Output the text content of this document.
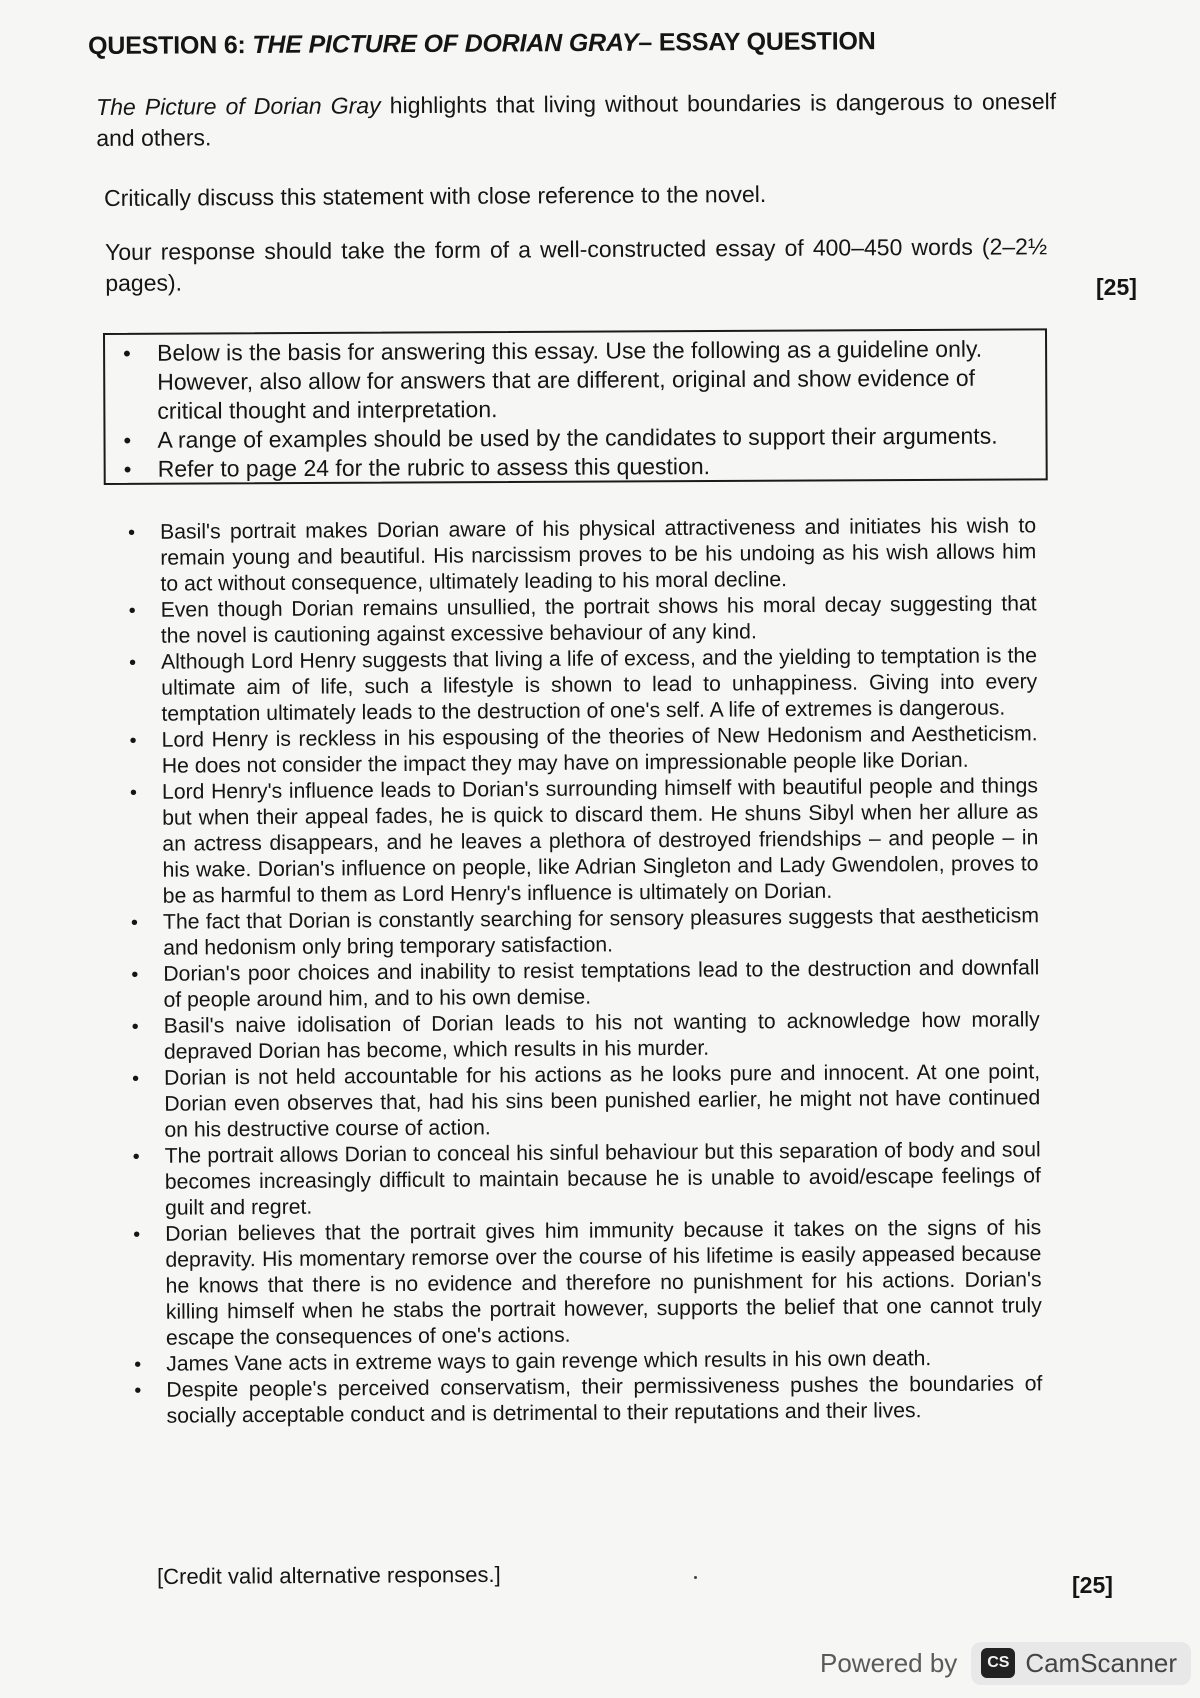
QUESTION 6: THE PICTURE OF DORIAN GRAY– ESSAY QUESTION
The Picture of Dorian Gray highlights that living without boundaries is dangerous to oneself and others.
Critically discuss this statement with close reference to the novel.
Your response should take the form of a well-constructed essay of 400–450 words (2–2½ pages).	[25]
• Below is the basis for answering this essay. Use the following as a guideline only. However, also allow for answers that are different, original and show evidence of critical thought and interpretation.
• A range of examples should be used by the candidates to support their arguments.
• Refer to page 24 for the rubric to assess this question.
• Basil's portrait makes Dorian aware of his physical attractiveness and initiates his wish to remain young and beautiful. His narcissism proves to be his undoing as his wish allows him to act without consequence, ultimately leading to his moral decline.
• Even though Dorian remains unsullied, the portrait shows his moral decay suggesting that the novel is cautioning against excessive behaviour of any kind.
• Although Lord Henry suggests that living a life of excess, and the yielding to temptation is the ultimate aim of life, such a lifestyle is shown to lead to unhappiness. Giving into every temptation ultimately leads to the destruction of one's self. A life of extremes is dangerous.
• Lord Henry is reckless in his espousing of the theories of New Hedonism and Aestheticism. He does not consider the impact they may have on impressionable people like Dorian.
• Lord Henry's influence leads to Dorian's surrounding himself with beautiful people and things but when their appeal fades, he is quick to discard them. He shuns Sibyl when her allure as an actress disappears, and he leaves a plethora of destroyed friendships – and people – in his wake. Dorian's influence on people, like Adrian Singleton and Lady Gwendolen, proves to be as harmful to them as Lord Henry's influence is ultimately on Dorian.
• The fact that Dorian is constantly searching for sensory pleasures suggests that aestheticism and hedonism only bring temporary satisfaction.
• Dorian's poor choices and inability to resist temptations lead to the destruction and downfall of people around him, and to his own demise.
• Basil's naive idolisation of Dorian leads to his not wanting to acknowledge how morally depraved Dorian has become, which results in his murder.
• Dorian is not held accountable for his actions as he looks pure and innocent. At one point, Dorian even observes that, had his sins been punished earlier, he might not have continued on his destructive course of action.
• The portrait allows Dorian to conceal his sinful behaviour but this separation of body and soul becomes increasingly difficult to maintain because he is unable to avoid/escape feelings of guilt and regret.
• Dorian believes that the portrait gives him immunity because it takes on the signs of his depravity. His momentary remorse over the course of his lifetime is easily appeased because he knows that there is no evidence and therefore no punishment for his actions. Dorian's killing himself when he stabs the portrait however, supports the belief that one cannot truly escape the consequences of one's actions.
• James Vane acts in extreme ways to gain revenge which results in his own death.
• Despite people's perceived conservatism, their permissiveness pushes the boundaries of socially acceptable conduct and is detrimental to their reputations and their lives.
[Credit valid alternative responses.]	[25]
Powered by	CS CamScanner
